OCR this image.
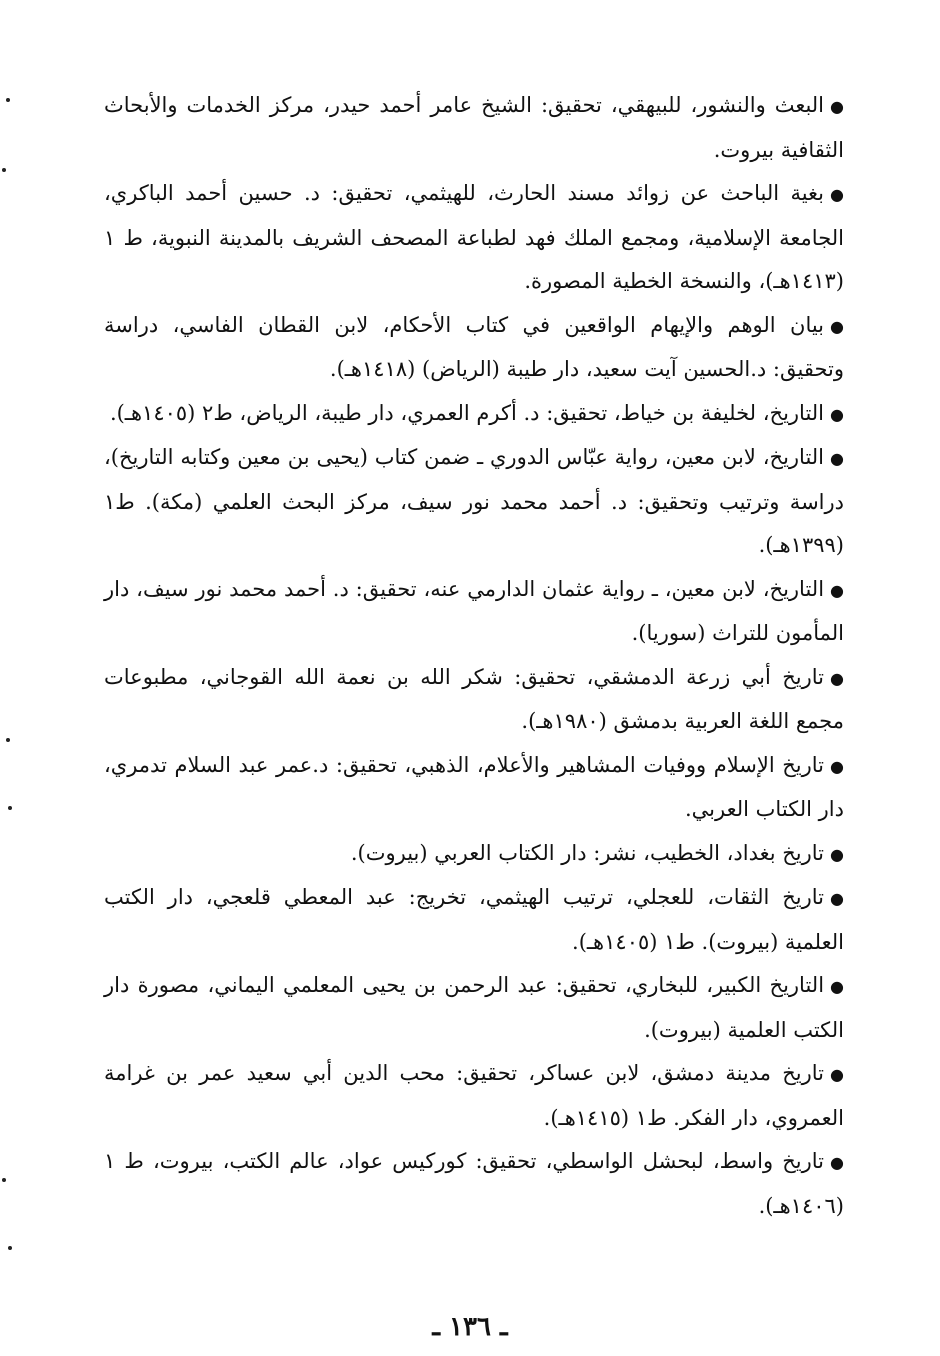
●البعث والنشور، للبيهقي، تحقيق: الشيخ عامر أحمد حيدر، مركز الخدمات والأبحاث الثقافية بيروت.

●بغية الباحث عن زوائد مسند الحارث، للهيثمي، تحقيق: د. حسين أحمد الباكري، الجامعة الإسلامية، ومجمع الملك فهد لطباعة المصحف الشريف بالمدينة النبوية، ط ١ (١٤١٣هـ)، والنسخة الخطية المصورة.

●بيان الوهم والإيهام الواقعين في كتاب الأحكام، لابن القطان الفاسي، دراسة وتحقيق: د.الحسين آيت سعيد، دار طيبة (الرياض) (١٤١٨هـ).

●التاريخ، لخليفة بن خياط، تحقيق: د. أكرم العمري، دار طيبة، الرياض، ط٢ (١٤٠٥هـ).

●التاريخ، لابن معين، رواية عبّاس الدوري ـ ضمن كتاب (يحيى بن معين وكتابه التاريخ)، دراسة وترتيب وتحقيق: د. أحمد محمد نور سيف، مركز البحث العلمي (مكة). ط١ (١٣٩٩هـ).

●التاريخ، لابن معين، ـ رواية عثمان الدارمي عنه، تحقيق: د. أحمد محمد نور سيف، دار المأمون للتراث (سوريا).

●تاريخ أبي زرعة الدمشقي، تحقيق: شكر الله بن نعمة الله القوجاني، مطبوعات مجمع اللغة العربية بدمشق (١٩٨٠هـ).

●تاريخ الإسلام ووفيات المشاهير والأعلام، الذهبي، تحقيق: د.عمر عبد السلام تدمري، دار الكتاب العربي.

●تاريخ بغداد، الخطيب، نشر: دار الكتاب العربي (بيروت).

●تاريخ الثقات، للعجلي، ترتيب الهيثمي، تخريج: عبد المعطي قلعجي، دار الكتب العلمية (بيروت). ط١ (١٤٠٥هـ).

●التاريخ الكبير، للبخاري، تحقيق: عبد الرحمن بن يحيى المعلمي اليماني، مصورة دار الكتب العلمية (بيروت).

●تاريخ مدينة دمشق، لابن عساكر، تحقيق: محب الدين أبي سعيد عمر بن غرامة العمروي، دار الفكر. ط١ (١٤١٥هـ).

●تاريخ واسط، لبحشل الواسطي، تحقيق: كوركيس عواد، عالم الكتب، بيروت، ط ١ (١٤٠٦هـ).

ـ ١٣٦ ـ
